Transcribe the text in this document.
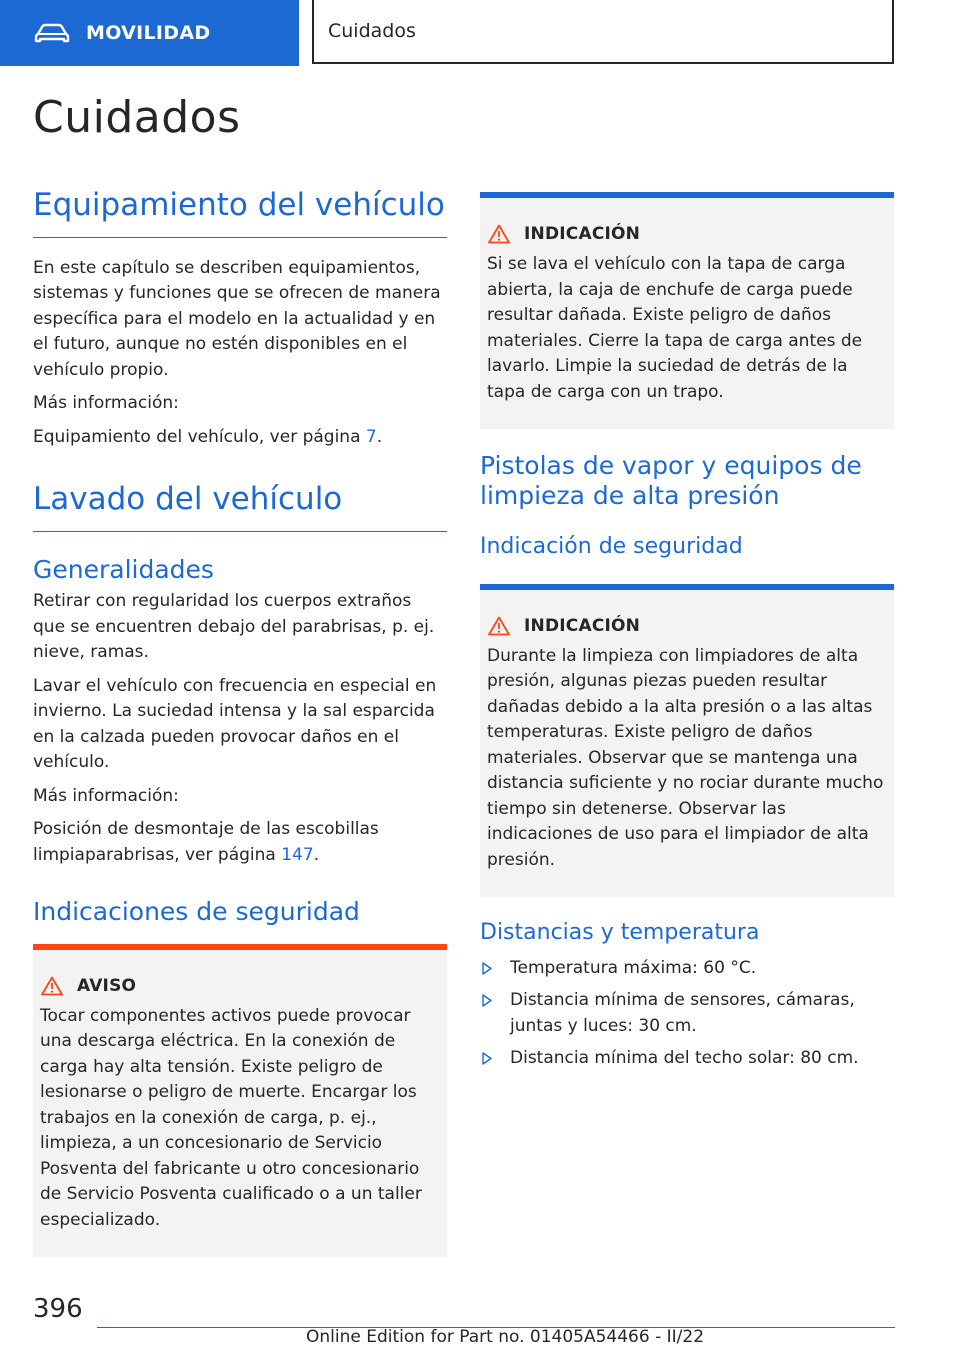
MOVILIDAD	Cuidados
Cuidados
Equipamiento del vehículo

En este capítulo se describen equipamientos, sistemas y funciones que se ofrecen de manera específica para el modelo en la actualidad y en el futuro, aunque no estén disponibles en el vehículo propio.

Más información:

Equipamiento del vehículo, ver página 7.

Lavado del vehículo
Generalidades

Retirar con regularidad los cuerpos extraños que se encuentren debajo del parabrisas, p. ej. nieve, ramas.

Lavar el vehículo con frecuencia en especial en invierno. La suciedad intensa y la sal esparcida en la calzada pueden provocar daños en el vehículo.

Más información:

Posición de desmontaje de las escobillas limpiaparabrisas, ver página 147.

Indicaciones de seguridad
AVISO

Tocar componentes activos puede provocar una descarga eléctrica. En la conexión de carga hay alta tensión. Existe peligro de lesionarse o peligro de muerte. Encargar los trabajos en la conexión de carga, p. ej., limpieza, a un concesionario de Servicio Posventa del fabricante u otro concesionario de Servicio Posventa cualificado o a un taller especializado.

INDICACIÓN

Si se lava el vehículo con la tapa de carga abierta, la caja de enchufe de carga puede resultar dañada. Existe peligro de daños materiales. Cierre la tapa de carga antes de lavarlo. Limpie la suciedad de detrás de la tapa de carga con un trapo.

Pistolas de vapor y equipos de limpieza de alta presión
Indicación de seguridad
INDICACIÓN

Durante la limpieza con limpiadores de alta presión, algunas piezas pueden resultar dañadas debido a la alta presión o a las altas temperaturas. Existe peligro de daños materiales. Observar que se mantenga una distancia suficiente y no rociar durante mucho tiempo sin detenerse. Observar las indicaciones de uso para el limpiador de alta presión.

Distancias y temperatura
Temperatura máxima: 60 °C.
Distancia mínima de sensores, cámaras, juntas y luces: 30 cm.
Distancia mínima del techo solar: 80 cm.
396
Online Edition for Part no. 01405A54466 - II/22
